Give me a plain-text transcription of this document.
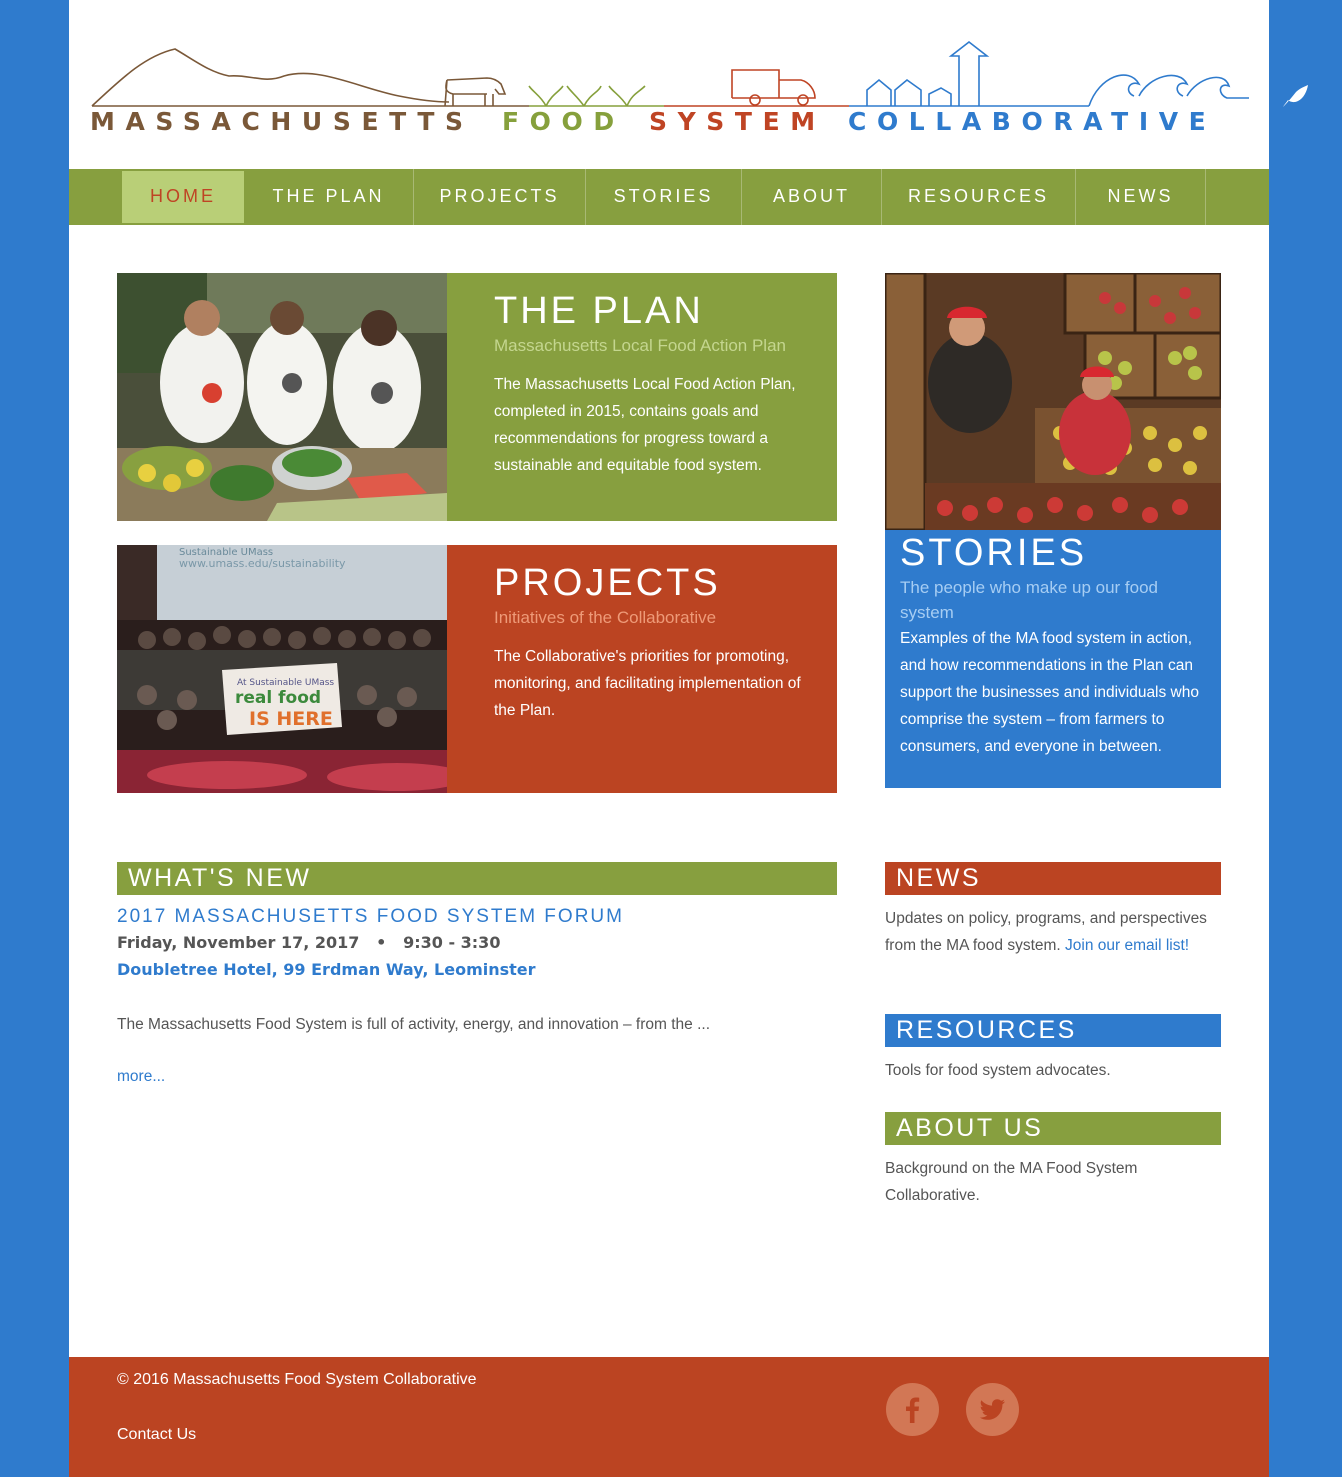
MASSACHUSETTS FOOD SYSTEM COLLABORATIVE
HOME	THE PLAN	PROJECTS	STORIES	ABOUT	RESOURCES	NEWS
THE PLAN
Massachusetts Local Food Action Plan
The Massachusetts Local Food Action Plan, completed in 2015, contains goals and recommendations for progress toward a sustainable and equitable food system.
Sustainable UMass
www.umass.edu/sustainability
At Sustainable UMass
real food
IS HERE
PROJECTS
Initiatives of the Collaborative
The Collaborative's priorities for promoting, monitoring, and facilitating implementation of the Plan.
STORIES
The people who make up our food system
Examples of the MA food system in action, and how recommendations in the Plan can support the businesses and individuals who comprise the system – from farmers to consumers, and everyone in between.
WHAT'S NEW
2017 MASSACHUSETTS FOOD SYSTEM FORUM
Friday, November 17, 2017   •   9:30 - 3:30
Doubletree Hotel, 99 Erdman Way, Leominster
The Massachusetts Food System is full of activity, energy, and innovation – from the ...
more...
NEWS
Updates on policy, programs, and perspectives from the MA food system. Join our email list!
RESOURCES
Tools for food system advocates.
ABOUT US
Background on the MA Food System Collaborative.
© 2016 Massachusetts Food System Collaborative
Contact Us
